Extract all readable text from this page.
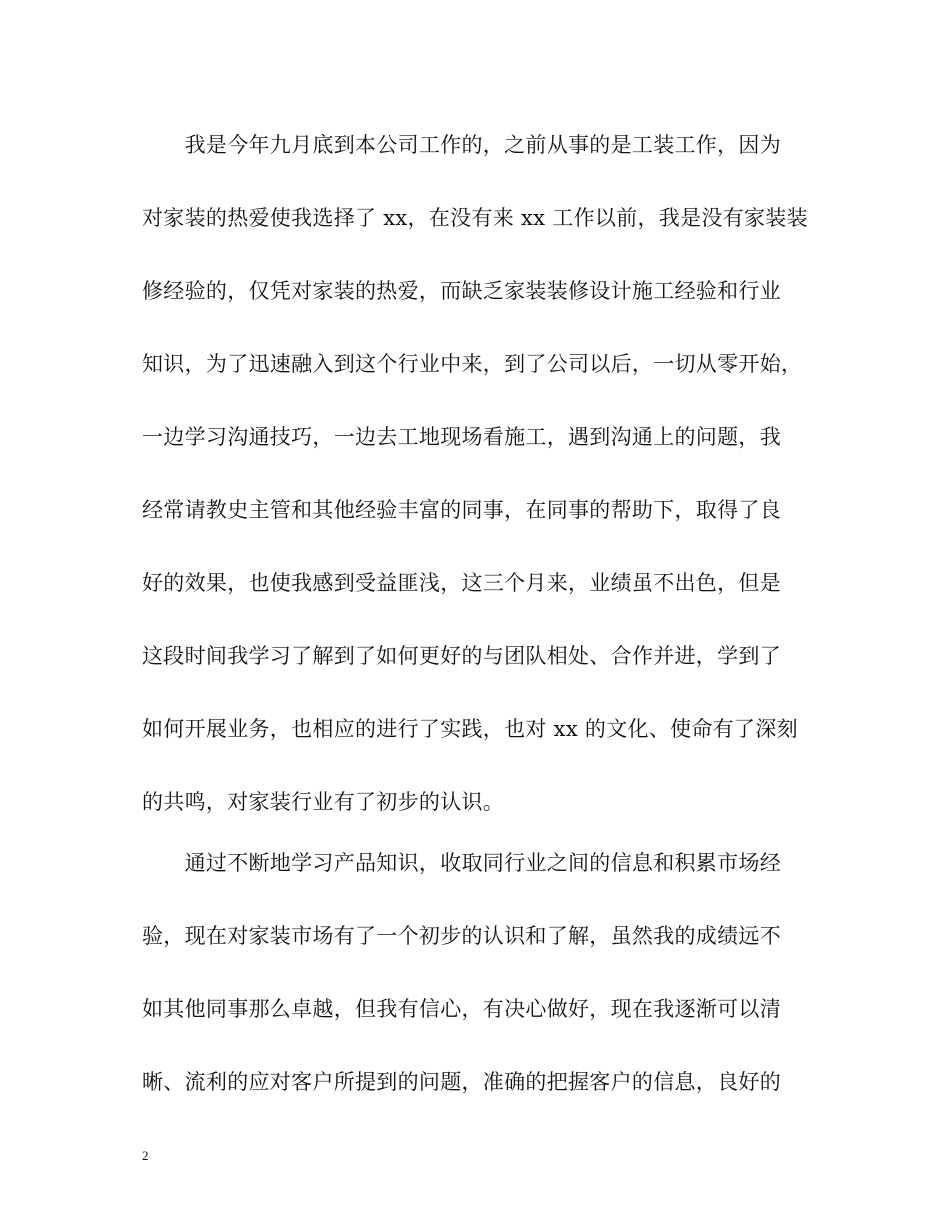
　　我是今年九月底到本公司工作的，之前从事的是工装工作，因为
对家装的热爱使我选择了 xx，在没有来 xx 工作以前，我是没有家装装
修经验的，仅凭对家装的热爱，而缺乏家装装修设计施工经验和行业
知识，为了迅速融入到这个行业中来，到了公司以后，一切从零开始，
一边学习沟通技巧，一边去工地现场看施工，遇到沟通上的问题，我
经常请教史主管和其他经验丰富的同事，在同事的帮助下，取得了良
好的效果，也使我感到受益匪浅，这三个月来，业绩虽不出色，但是
这段时间我学习了解到了如何更好的与团队相处、合作并进，学到了
如何开展业务，也相应的进行了实践，也对 xx 的文化、使命有了深刻
的共鸣，对家装行业有了初步的认识。
　　通过不断地学习产品知识，收取同行业之间的信息和积累市场经
验，现在对家装市场有了一个初步的认识和了解，虽然我的成绩远不
如其他同事那么卓越，但我有信心，有决心做好，现在我逐渐可以清
晰、流利的应对客户所提到的问题，准确的把握客户的信息，良好的
2
